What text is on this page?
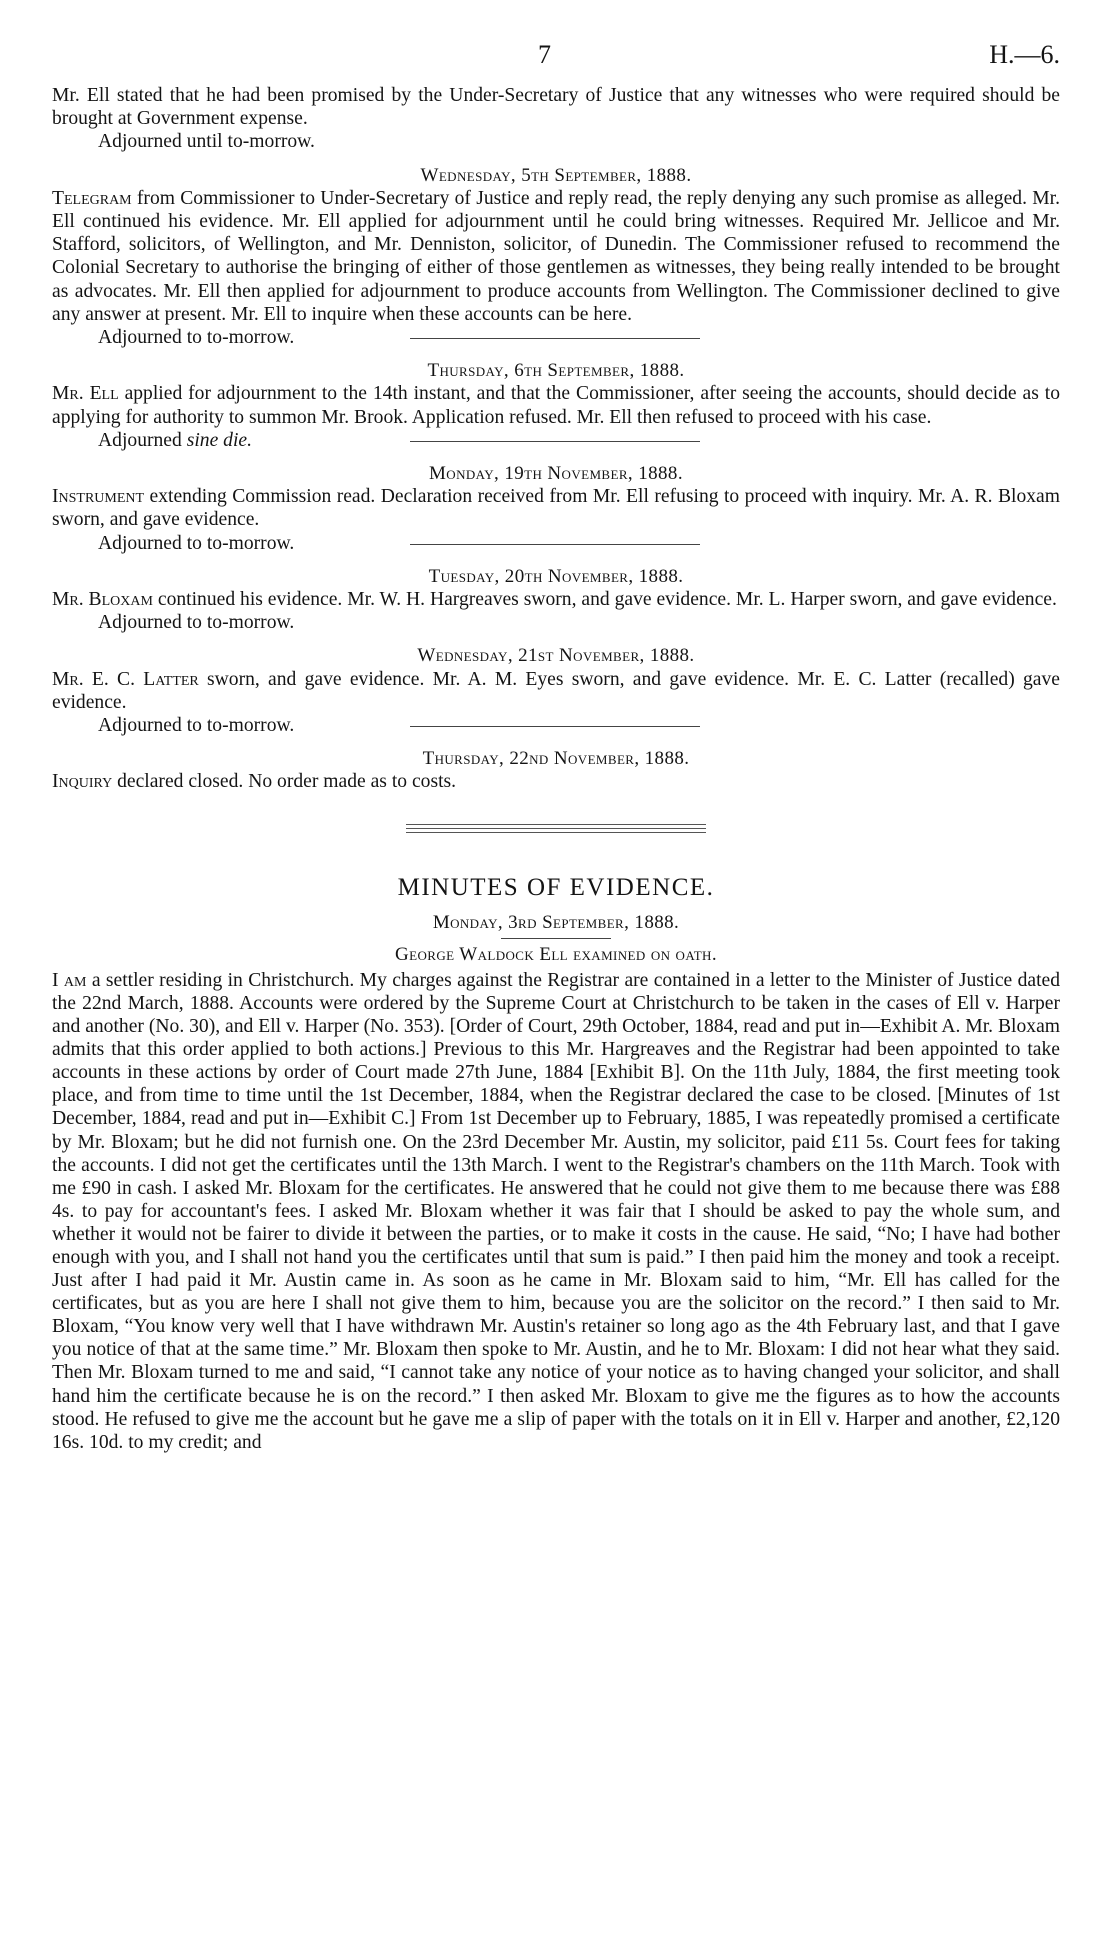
7	H.—6.

Mr. Ell stated that he had been promised by the Under-Secretary of Justice that any witnesses who were required should be brought at Government expense.

Adjourned until to-morrow.

Wednesday, 5th September, 1888.

Telegram from Commissioner to Under-Secretary of Justice and reply read, the reply denying any such promise as alleged. Mr. Ell continued his evidence. Mr. Ell applied for adjournment until he could bring witnesses. Required Mr. Jellicoe and Mr. Stafford, solicitors, of Wellington, and Mr. Denniston, solicitor, of Dunedin. The Commissioner refused to recommend the Colonial Secretary to authorise the bringing of either of those gentlemen as witnesses, they being really intended to be brought as advocates. Mr. Ell then applied for adjournment to produce accounts from Wellington. The Commissioner declined to give any answer at present. Mr. Ell to inquire when these accounts can be here.

Adjourned to to-morrow.

Thursday, 6th September, 1888.

Mr. Ell applied for adjournment to the 14th instant, and that the Commissioner, after seeing the accounts, should decide as to applying for authority to summon Mr. Brook. Application refused. Mr. Ell then refused to proceed with his case.

Adjourned sine die.

Monday, 19th November, 1888.

Instrument extending Commission read. Declaration received from Mr. Ell refusing to proceed with inquiry. Mr. A. R. Bloxam sworn, and gave evidence.

Adjourned to to-morrow.

Tuesday, 20th November, 1888.

Mr. Bloxam continued his evidence. Mr. W. H. Hargreaves sworn, and gave evidence. Mr. L. Harper sworn, and gave evidence.

Adjourned to to-morrow.

Wednesday, 21st November, 1888.

Mr. E. C. Latter sworn, and gave evidence. Mr. A. M. Eyes sworn, and gave evidence. Mr. E. C. Latter (recalled) gave evidence.

Adjourned to to-morrow.

Thursday, 22nd November, 1888.

Inquiry declared closed. No order made as to costs.

MINUTES OF EVIDENCE.

Monday, 3rd September, 1888.

George Waldock Ell examined on oath.

I am a settler residing in Christchurch. My charges against the Registrar are contained in a letter to the Minister of Justice dated the 22nd March, 1888. Accounts were ordered by the Supreme Court at Christchurch to be taken in the cases of Ell v. Harper and another (No. 30), and Ell v. Harper (No. 353). [Order of Court, 29th October, 1884, read and put in—Exhibit A. Mr. Bloxam admits that this order applied to both actions.] Previous to this Mr. Hargreaves and the Registrar had been appointed to take accounts in these actions by order of Court made 27th June, 1884 [Exhibit B]. On the 11th July, 1884, the first meeting took place, and from time to time until the 1st December, 1884, when the Registrar declared the case to be closed. [Minutes of 1st December, 1884, read and put in—Exhibit C.] From 1st December up to February, 1885, I was repeatedly promised a certificate by Mr. Bloxam; but he did not furnish one. On the 23rd December Mr. Austin, my solicitor, paid £11 5s. Court fees for taking the accounts. I did not get the certificates until the 13th March. I went to the Registrar's chambers on the 11th March. Took with me £90 in cash. I asked Mr. Bloxam for the certificates. He answered that he could not give them to me because there was £88 4s. to pay for accountant's fees. I asked Mr. Bloxam whether it was fair that I should be asked to pay the whole sum, and whether it would not be fairer to divide it between the parties, or to make it costs in the cause. He said, “No; I have had bother enough with you, and I shall not hand you the certificates until that sum is paid.” I then paid him the money and took a receipt. Just after I had paid it Mr. Austin came in. As soon as he came in Mr. Bloxam said to him, “Mr. Ell has called for the certificates, but as you are here I shall not give them to him, because you are the solicitor on the record.” I then said to Mr. Bloxam, “You know very well that I have withdrawn Mr. Austin's retainer so long ago as the 4th February last, and that I gave you notice of that at the same time.” Mr. Bloxam then spoke to Mr. Austin, and he to Mr. Bloxam: I did not hear what they said. Then Mr. Bloxam turned to me and said, “I cannot take any notice of your notice as to having changed your solicitor, and shall hand him the certificate because he is on the record.” I then asked Mr. Bloxam to give me the figures as to how the accounts stood. He refused to give me the account but he gave me a slip of paper with the totals on it in Ell v. Harper and another, £2,120 16s. 10d. to my credit; and
